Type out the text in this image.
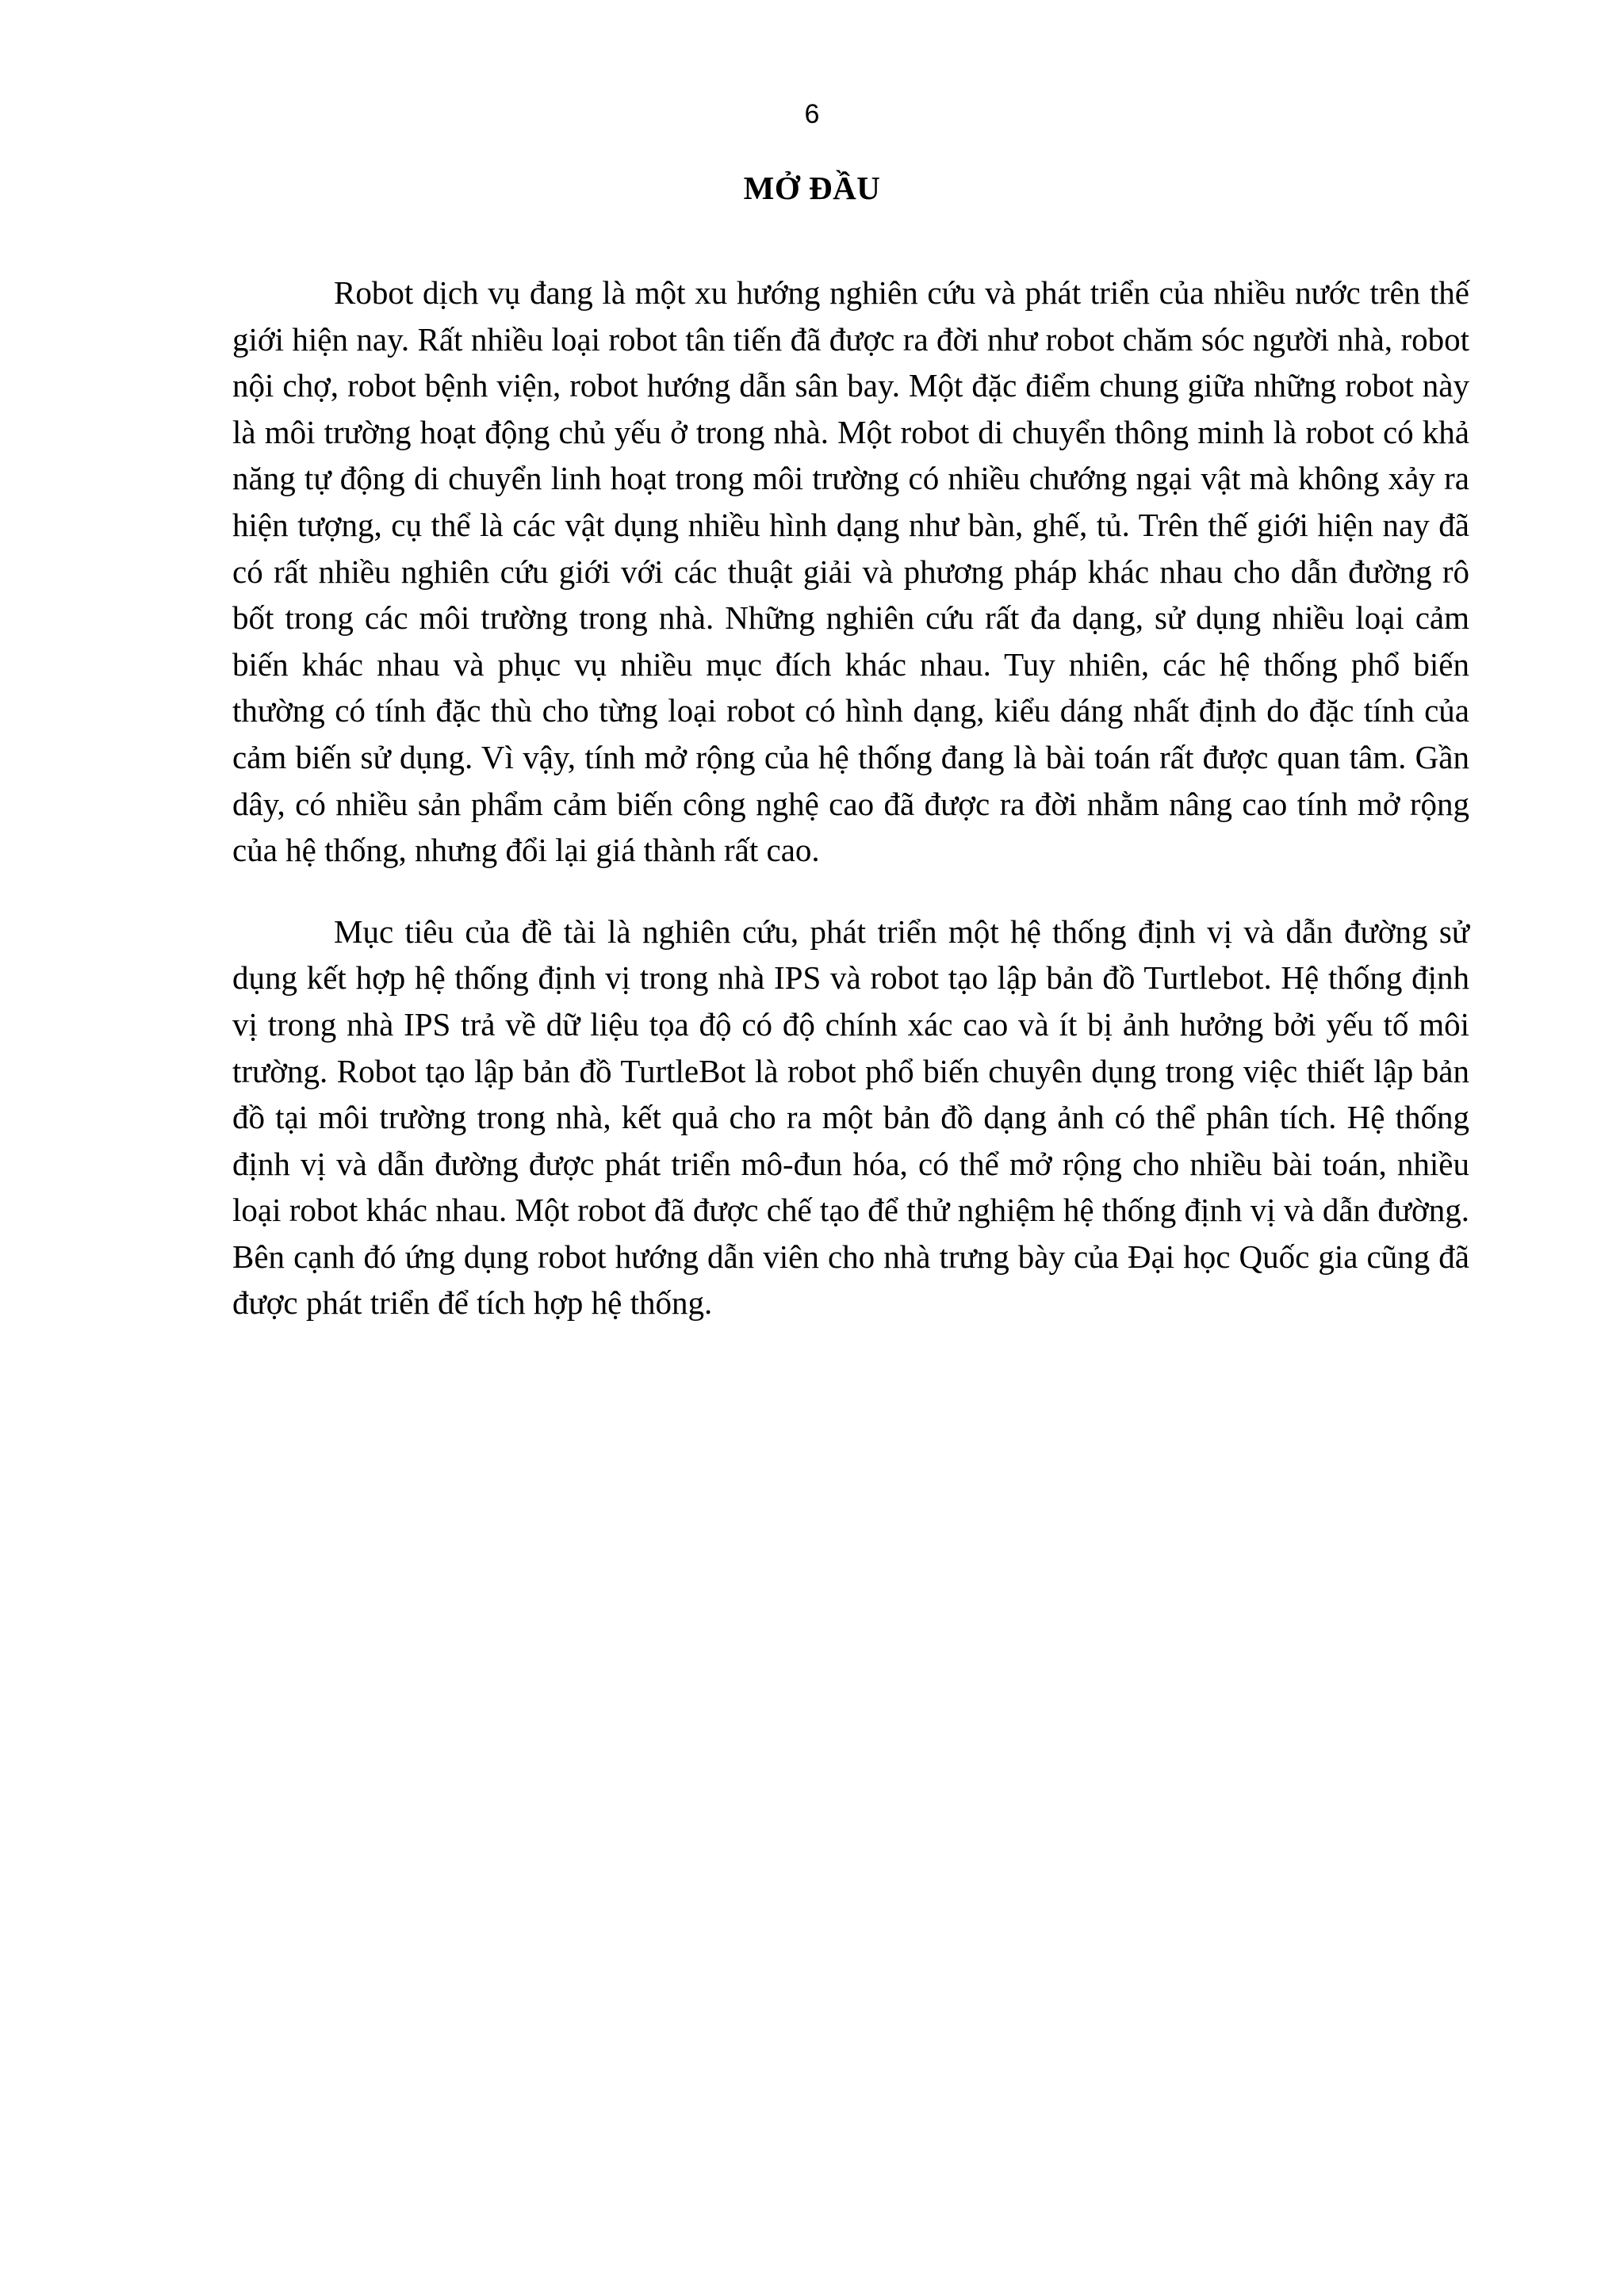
6
MỞ ĐẦU

Robot dịch vụ đang là một xu hướng nghiên cứu và phát triển của nhiều nước trên thế giới hiện nay. Rất nhiều loại robot tân tiến đã được ra đời như robot chăm sóc người nhà, robot nội chợ, robot bệnh viện, robot hướng dẫn sân bay. Một đặc điểm chung giữa những robot này là môi trường hoạt động chủ yếu ở trong nhà. Một robot di chuyển thông minh là robot có khả năng tự động di chuyển linh hoạt trong môi trường có nhiều chướng ngại vật mà không xảy ra hiện tượng, cụ thể là các vật dụng nhiều hình dạng như bàn, ghế, tủ. Trên thế giới hiện nay đã có rất nhiều nghiên cứu giới với các thuật giải và phương pháp khác nhau cho dẫn đường rô bốt trong các môi trường trong nhà. Những nghiên cứu rất đa dạng, sử dụng nhiều loại cảm biến khác nhau và phục vụ nhiều mục đích khác nhau. Tuy nhiên, các hệ thống phổ biến thường có tính đặc thù cho từng loại robot có hình dạng, kiểu dáng nhất định do đặc tính của cảm biến sử dụng. Vì vậy, tính mở rộng của hệ thống đang là bài toán rất được quan tâm. Gần dây, có nhiều sản phẩm cảm biến công nghệ cao đã được ra đời nhằm nâng cao tính mở rộng của hệ thống, nhưng đổi lại giá thành rất cao.

Mục tiêu của đề tài là nghiên cứu, phát triển một hệ thống định vị và dẫn đường sử dụng kết hợp hệ thống định vị trong nhà IPS và robot tạo lập bản đồ Turtlebot. Hệ thống định vị trong nhà IPS trả về dữ liệu tọa độ có độ chính xác cao và ít bị ảnh hưởng bởi yếu tố môi trường. Robot tạo lập bản đồ TurtleBot là robot phổ biến chuyên dụng trong việc thiết lập bản đồ tại môi trường trong nhà, kết quả cho ra một bản đồ dạng ảnh có thể phân tích. Hệ thống định vị và dẫn đường được phát triển mô-đun hóa, có thể mở rộng cho nhiều bài toán, nhiều loại robot khác nhau. Một robot đã được chế tạo để thử nghiệm hệ thống định vị và dẫn đường. Bên cạnh đó ứng dụng robot hướng dẫn viên cho nhà trưng bày của Đại học Quốc gia cũng đã được phát triển để tích hợp hệ thống.
